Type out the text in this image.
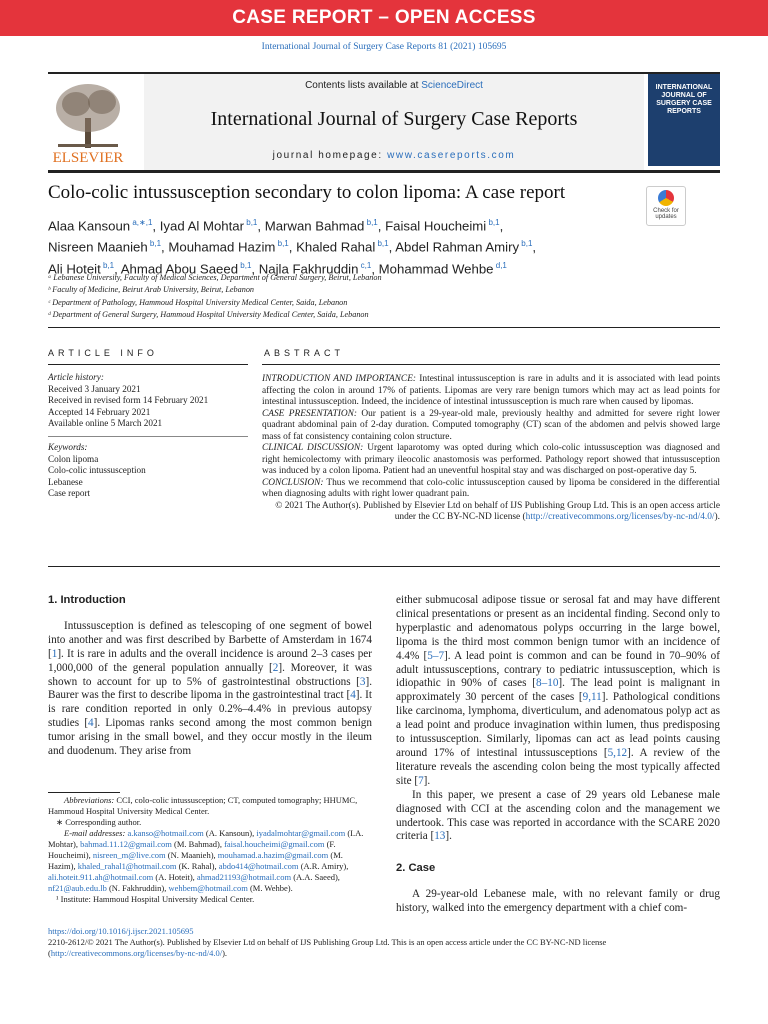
CASE REPORT – OPEN ACCESS
International Journal of Surgery Case Reports 81 (2021) 105695
ELSEVIER
Contents lists available at ScienceDirect
International Journal of Surgery Case Reports
journal homepage: www.casereports.com
INTERNATIONAL JOURNAL OF SURGERY CASE REPORTS
Colo-colic intussusception secondary to colon lipoma: A case report
Check for updates
Alaa Kansoun $^{a,∗,1}$, Iyad Al Mohtar $^{b,1}$, Marwan Bahmad $^{b,1}$, Faisal Houcheimi $^{b,1}$,
Nisreen Maanieh $^{b,1}$, Mouhamad Hazim $^{b,1}$, Khaled Rahal $^{b,1}$, Abdel Rahman Amiry $^{b,1}$,
Ali Hoteit $^{b,1}$, Ahmad Abou Saeed $^{b,1}$, Najla Fakhruddin $^{c,1}$, Mohammad Wehbe $^{d,1}$
ᵃ Lebanese University, Faculty of Medical Sciences, Department of General Surgery, Beirut, Lebanon
ᵇ Faculty of Medicine, Beirut Arab University, Beirut, Lebanon
ᶜ Department of Pathology, Hammoud Hospital University Medical Center, Saida, Lebanon
ᵈ Department of General Surgery, Hammoud Hospital University Medical Center, Saida, Lebanon
ARTICLE INFO	ABSTRACT
Article history:
Received 3 January 2021
Received in revised form 14 February 2021
Accepted 14 February 2021
Available online 5 March 2021
Keywords:
Colon lipoma
Colo-colic intussusception
Lebanese
Case report
INTRODUCTION AND IMPORTANCE: Intestinal intussusception is rare in adults and it is associated with lead points affecting the colon in around 17% of patients. Lipomas are very rare benign tumors which may act as lead points for intestinal intussusception. Indeed, the incidence of intestinal intussusception is much rare when caused by lipomas.
CASE PRESENTATION: Our patient is a 29-year-old male, previously healthy and admitted for severe right lower quadrant abdominal pain of 2-day duration. Computed tomography (CT) scan of the abdomen and pelvis showed large mass of fat consistency containing colon structure.
CLINICAL DISCUSSION: Urgent laparotomy was opted during which colo-colic intussusception was diagnosed and right hemicolectomy with primary ileocolic anastomosis was performed. Pathology report showed that intussusception was induced by a colon lipoma. Patient had an uneventful hospital stay and was discharged on post-operative day 5.
CONCLUSION: Thus we recommend that colo-colic intussusception caused by lipoma be considered in the differential when diagnosing adults with right lower quadrant pain.
© 2021 The Author(s). Published by Elsevier Ltd on behalf of IJS Publishing Group Ltd. This is an open access article under the CC BY-NC-ND license (http://creativecommons.org/licenses/by-nc-nd/4.0/).
1. Introduction

Intussusception is defined as telescoping of one segment of bowel into another and was first described by Barbette of Amsterdam in 1674 [1]. It is rare in adults and the overall incidence is around 2–3 cases per 1,000,000 of the general population annually [2]. Moreover, it was shown to account for up to 5% of gastrointestinal obstructions [3]. Baurer was the first to describe lipoma in the gastrointestinal tract [4]. It is rare condition reported in only 0.2%–4.4% in previous autopsy studies [4]. Lipomas ranks second among the most common benign tumor arising in the small bowel, and they occur mostly in the ileum and duodenum. They arise from

either submucosal adipose tissue or serosal fat and may have different clinical presentations or present as an incidental finding. Second only to hyperplastic and adenomatous polyps occurring in the large bowel, lipoma is the third most common benign tumor with an incidence of 4.4% [5–7]. A lead point is common and can be found in 70–90% of adult intussusceptions, contrary to pediatric intussusception, which is idiopathic in 90% of cases [8–10]. The lead point is malignant in approximately 30 percent of the cases [9,11]. Pathological conditions like carcinoma, lymphoma, diverticulum, and adenomatous polyp act as a lead point and produce invagination within lumen, thus predisposing to intussusception. Similarly, lipomas can act as lead points causing around 17% of intestinal intussusceptions [5,12]. A review of the literature reveals the ascending colon being the most typically affected site [7].

In this paper, we present a case of 29 years old Lebanese male diagnosed with CCI at the ascending colon and the management we undertook. This case was reported in accordance with the SCARE 2020 criteria [13].

2. Case

A 29-year-old Lebanese male, with no relevant family or drug history, walked into the emergency department with a chief com-

Abbreviations: CCI, colo-colic intussusception; CT, computed tomography; HHUMC, Hammoud Hospital University Medical Center.

∗ Corresponding author.

E-mail addresses: a.kanso@hotmail.com (A. Kansoun), iyadalmohtar@gmail.com (I.A. Mohtar), bahmad.11.12@gmail.com (M. Bahmad), faisal.houcheimi@gmail.com (F. Houcheimi), nisreen_m@live.com (N. Maanieh), mouhamad.a.hazim@gmail.com (M. Hazim), khaled_rahal1@hotmail.com (K. Rahal), abdo414@hotmail.com (A.R. Amiry), ali.hoteit.911.ah@hotmail.com (A. Hoteit), ahmad21193@hotmail.com (A.A. Saeed), nf21@aub.edu.lb (N. Fakhruddin), wehbem@hotmail.com (M. Wehbe).

¹ Institute: Hammoud Hospital University Medical Center.

https://doi.org/10.1016/j.ijscr.2021.105695

2210-2612/© 2021 The Author(s). Published by Elsevier Ltd on behalf of IJS Publishing Group Ltd. This is an open access article under the CC BY-NC-ND license (http://creativecommons.org/licenses/by-nc-nd/4.0/).
